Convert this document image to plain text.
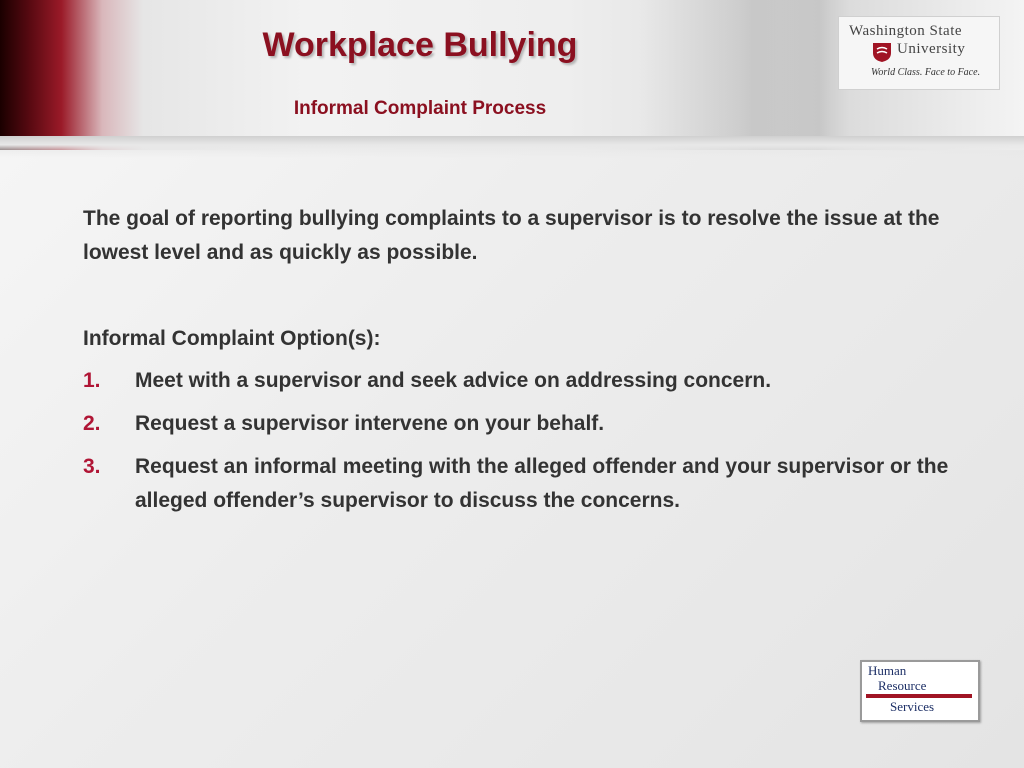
Workplace Bullying
Informal Complaint Process
Washington State
University
World Class. Face to Face.

The goal of reporting bullying complaints to a supervisor is to resolve the issue at the lowest level and as quickly as possible.

Informal Complaint Option(s):
1.	Meet with a supervisor and seek advice on addressing concern.
2.	Request a supervisor intervene on your behalf.
3.	Request an informal meeting with the alleged offender and your supervisor or the alleged offender’s supervisor to discuss the concerns.
Human
Resource
Services
